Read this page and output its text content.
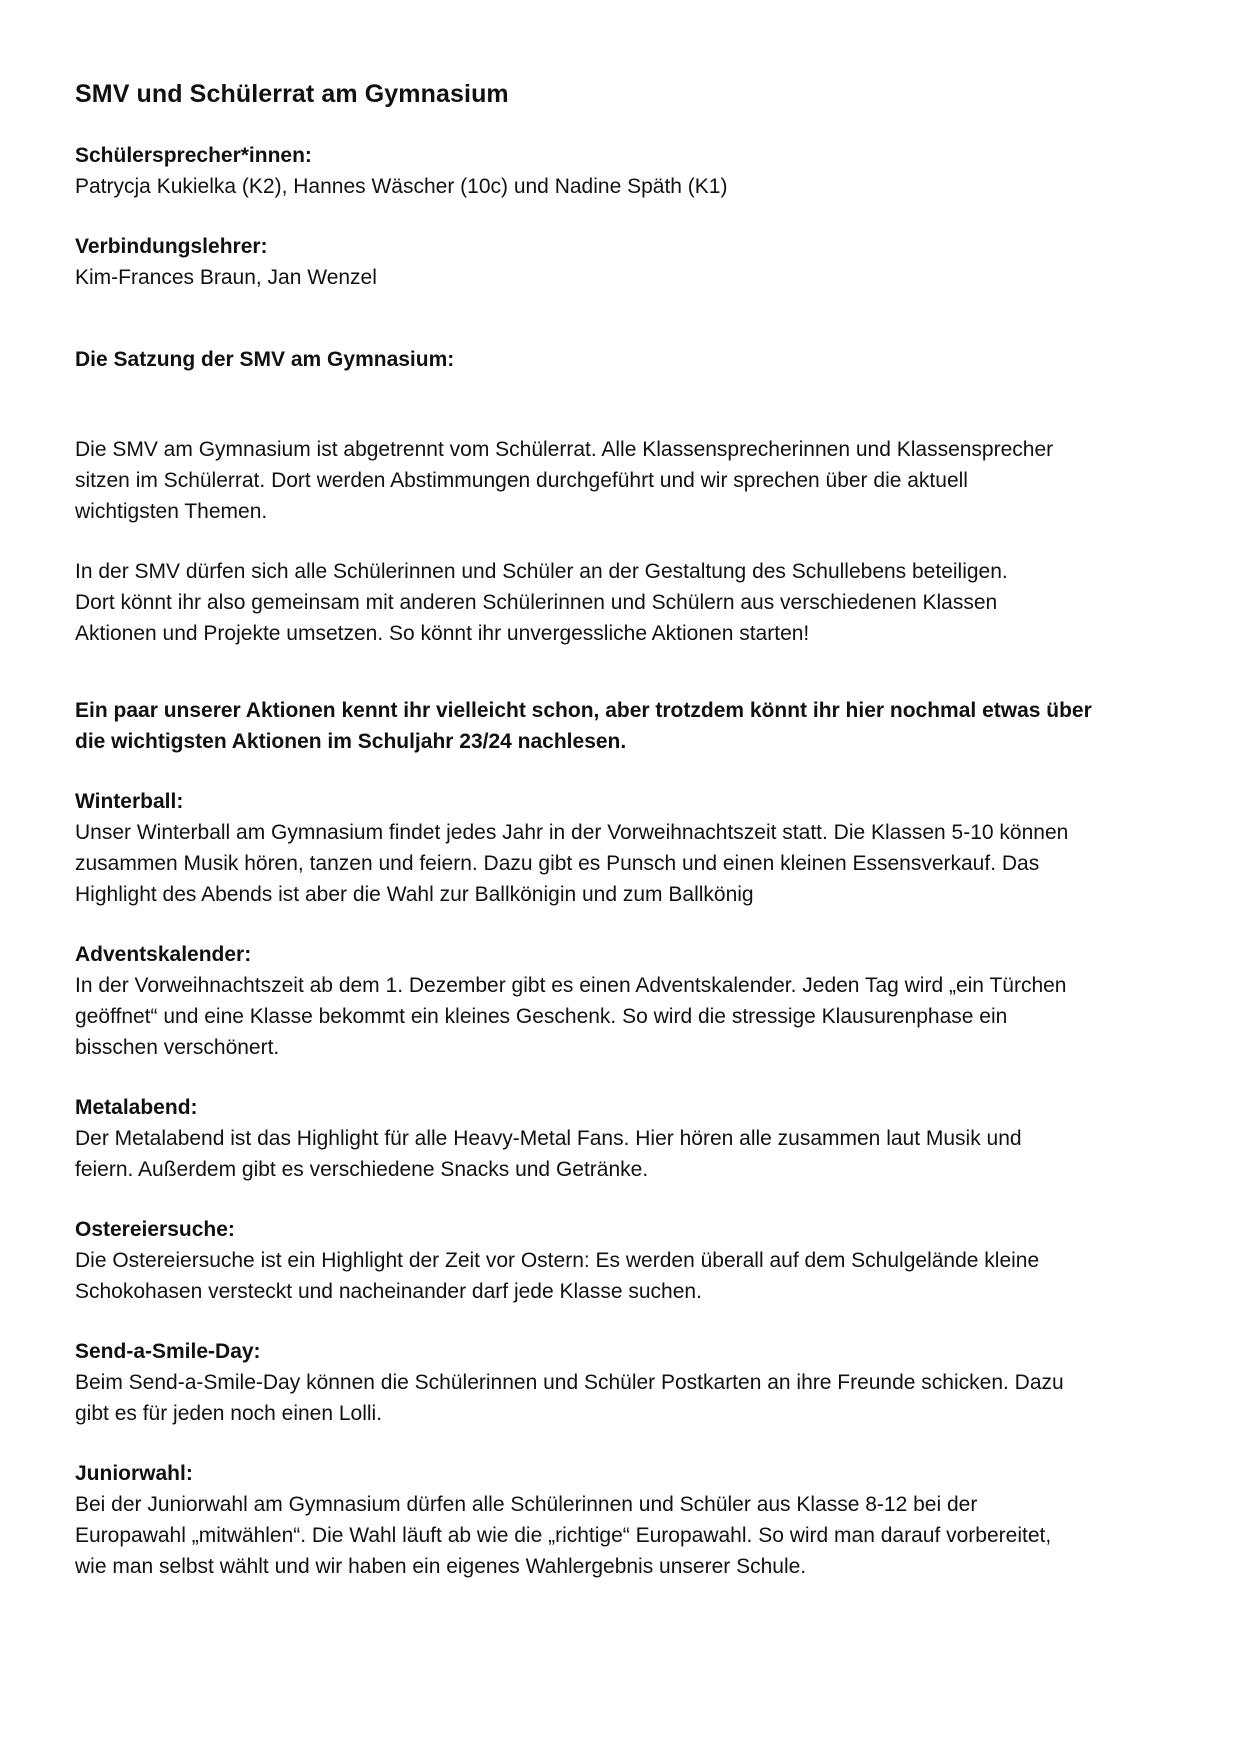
SMV und Schülerrat am Gymnasium

Schülersprecher*innen:

Patrycja Kukielka (K2), Hannes Wäscher (10c) und Nadine Späth (K1)

Verbindungslehrer:

Kim-Frances Braun, Jan Wenzel

Die Satzung der SMV am Gymnasium:

Die SMV am Gymnasium ist abgetrennt vom Schülerrat. Alle Klassensprecherinnen und Klassensprecher

sitzen im Schülerrat. Dort werden Abstimmungen durchgeführt und wir sprechen über die aktuell

wichtigsten Themen.

In der SMV dürfen sich alle Schülerinnen und Schüler an der Gestaltung des Schullebens beteiligen.

Dort könnt ihr also gemeinsam mit anderen Schülerinnen und Schülern aus verschiedenen Klassen

Aktionen und Projekte umsetzen. So könnt ihr unvergessliche Aktionen starten!

Ein paar unserer Aktionen kennt ihr vielleicht schon, aber trotzdem könnt ihr hier nochmal etwas über

die wichtigsten Aktionen im Schuljahr 23/24 nachlesen.

Winterball:

Unser Winterball am Gymnasium findet jedes Jahr in der Vorweihnachtszeit statt. Die Klassen 5-10 können

zusammen Musik hören, tanzen und feiern. Dazu gibt es Punsch und einen kleinen Essensverkauf. Das

Highlight des Abends ist aber die Wahl zur Ballkönigin und zum Ballkönig

Adventskalender:

In der Vorweihnachtszeit ab dem 1. Dezember gibt es einen Adventskalender. Jeden Tag wird „ein Türchen

geöffnet“ und eine Klasse bekommt ein kleines Geschenk. So wird die stressige Klausurenphase ein

bisschen verschönert.

Metalabend:

Der Metalabend ist das Highlight für alle Heavy-Metal Fans. Hier hören alle zusammen laut Musik und

feiern. Außerdem gibt es verschiedene Snacks und Getränke.

Ostereiersuche:

Die Ostereiersuche ist ein Highlight der Zeit vor Ostern: Es werden überall auf dem Schulgelände kleine

Schokohasen versteckt und nacheinander darf jede Klasse suchen.

Send-a-Smile-Day:

Beim Send-a-Smile-Day können die Schülerinnen und Schüler Postkarten an ihre Freunde schicken. Dazu

gibt es für jeden noch einen Lolli.

Juniorwahl:

Bei der Juniorwahl am Gymnasium dürfen alle Schülerinnen und Schüler aus Klasse 8-12 bei der

Europawahl „mitwählen“. Die Wahl läuft ab wie die „richtige“ Europawahl. So wird man darauf vorbereitet,

wie man selbst wählt und wir haben ein eigenes Wahlergebnis unserer Schule.
